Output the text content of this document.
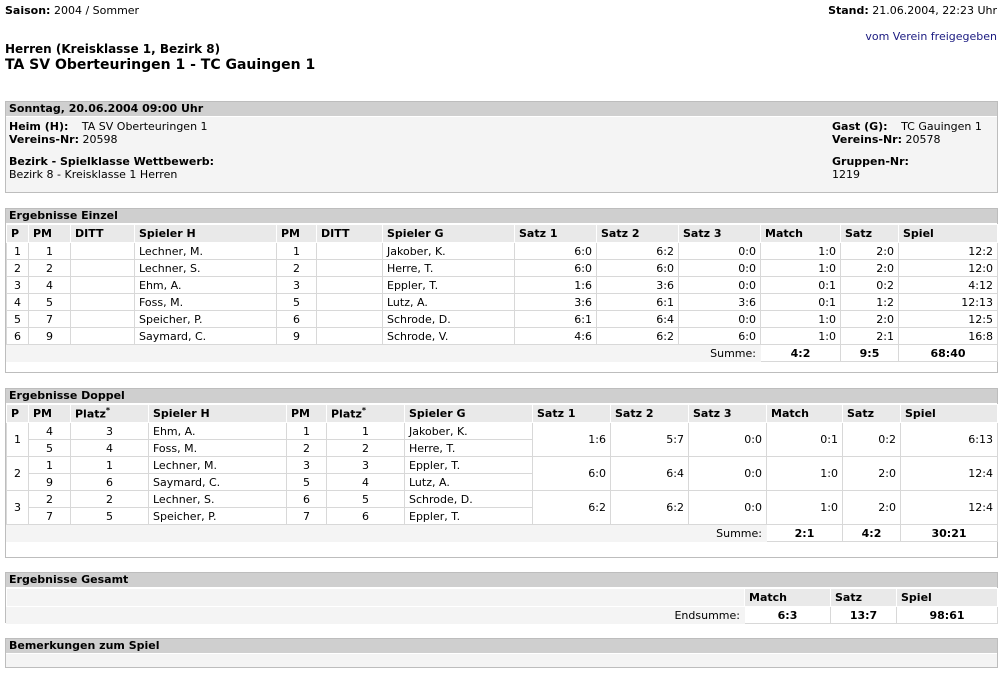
Saison: 2004 / Sommer	Stand: 21.06.2004, 22:23 Uhr
vom Verein freigegeben
Herren (Kreisklasse 1, Bezirk 8)
TA SV Oberteuringen 1 - TC Gauingen 1
Sonntag, 20.06.2004 09:00 Uhr
Heim (H): TA SV Oberteuringen 1
Vereins-Nr: 20598
Gast (G): TC Gauingen 1
Vereins-Nr: 20578
Bezirk - Spielklasse Wettbewerb:
Bezirk 8 - Kreisklasse 1 Herren
Gruppen-Nr:
1219
Ergebnisse Einzel
P	PM	DITT	Spieler H	PM	DITT	Spieler G	Satz 1	Satz 2	Satz 3	Match	Satz	Spiel
1	1		Lechner, M.	1		Jakober, K.	6:0	6:2	0:0	1:0	2:0	12:2
2	2		Lechner, S.	2		Herre, T.	6:0	6:0	0:0	1:0	2:0	12:0
3	4		Ehm, A.	3		Eppler, T.	1:6	3:6	0:0	0:1	0:2	4:12
4	5		Foss, M.	5		Lutz, A.	3:6	6:1	3:6	0:1	1:2	12:13
5	7		Speicher, P.	6		Schrode, D.	6:1	6:4	0:0	1:0	2:0	12:5
6	9		Saymard, C.	9		Schrode, V.	4:6	6:2	6:0	1:0	2:1	16:8
Summe:										4:2	9:5	68:40
Ergebnisse Doppel
P	PM	Platz*	Spieler H	PM	Platz*	Spieler G	Satz 1	Satz 2	Satz 3	Match	Satz	Spiel
1	4	3	Ehm, A.	1	1	Jakober, K.	1:6	5:7	0:0	0:1	0:2	6:13
	5	4	Foss, M.	2	2	Herre, T.						
2	1	1	Lechner, M.	3	3	Eppler, T.	6:0	6:4	0:0	1:0	2:0	12:4
	9	6	Saymard, C.	5	4	Lutz, A.						
3	2	2	Lechner, S.	6	5	Schrode, D.	6:2	6:2	0:0	1:0	2:0	12:4
	7	5	Speicher, P.	7	6	Eppler, T.						
Summe:										2:1	4:2	30:21
Ergebnisse Gesamt
	Match	Satz	Spiel
Endsumme:	6:3	13:7	98:61
Bemerkungen zum Spiel
